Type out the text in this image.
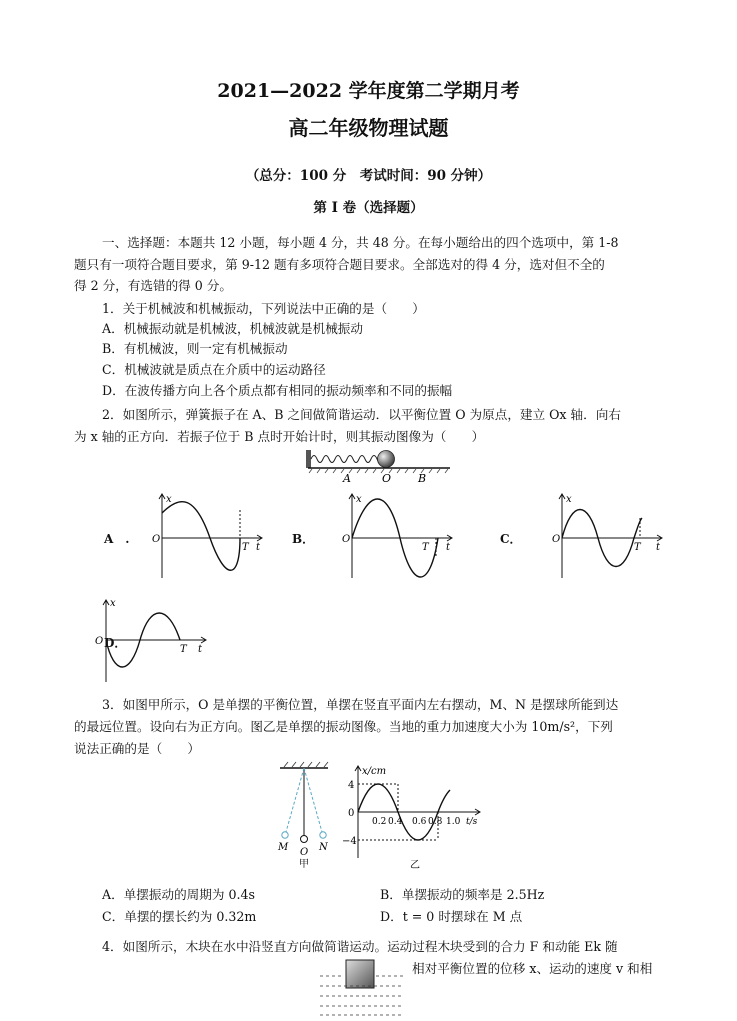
2021—2022 学年度第二学期月考
高二年级物理试题
（总分：100 分　考试时间：90 分钟）
第 I 卷（选择题）
一、选择题：本题共 12 小题，每小题 4 分，共 48 分。在每小题给出的四个选项中，第 1-8
题只有一项符合题目要求，第 9-12 题有多项符合题目要求。全部选对的得 4 分，选对但不全的
得 2 分，有选错的得 0 分。
1．关于机械波和机械振动，下列说法中正确的是（　　）
A．机械振动就是机械波，机械波就是机械振动
B．有机械波，则一定有机械振动
C．机械波就是质点在介质中的运动路径
D．在波传播方向上各个质点都有相同的振动频率和不同的振幅
2．如图所示，弹簧振子在 A、B 之间做简谐运动．以平衡位置 O 为原点，建立 Ox 轴．向右
为 x 轴的正方向．若振子位于 B 点时开始计时，则其振动图像为（　　）
A	O B
A　.	B．	C．
D．
x
O
T t
x
O
T t
x
O
T t
x
O
T t
3．如图甲所示，O 是单摆的平衡位置，单摆在竖直平面内左右摆动，M、N 是摆球所能到达
的最远位置。设向右为正方向。图乙是单摆的振动图像。当地的重力加速度大小为 10m/s²，下列
说法正确的是（　　）
M O N
甲
x/cm
4
0
−4
0.2 0.4 0.6 0.8 1.0 t/s
乙
A．单摆振动的周期为 0.4s	B．单摆振动的频率是 2.5Hz
C．单摆的摆长约为 0.32m	D．t = 0 时摆球在 M 点
4．如图所示，木块在水中沿竖直方向做简谐运动。运动过程木块受到的合力 F 和动能 Ek 随
相对平衡位置的位移 x、运动的速度 v 和相
